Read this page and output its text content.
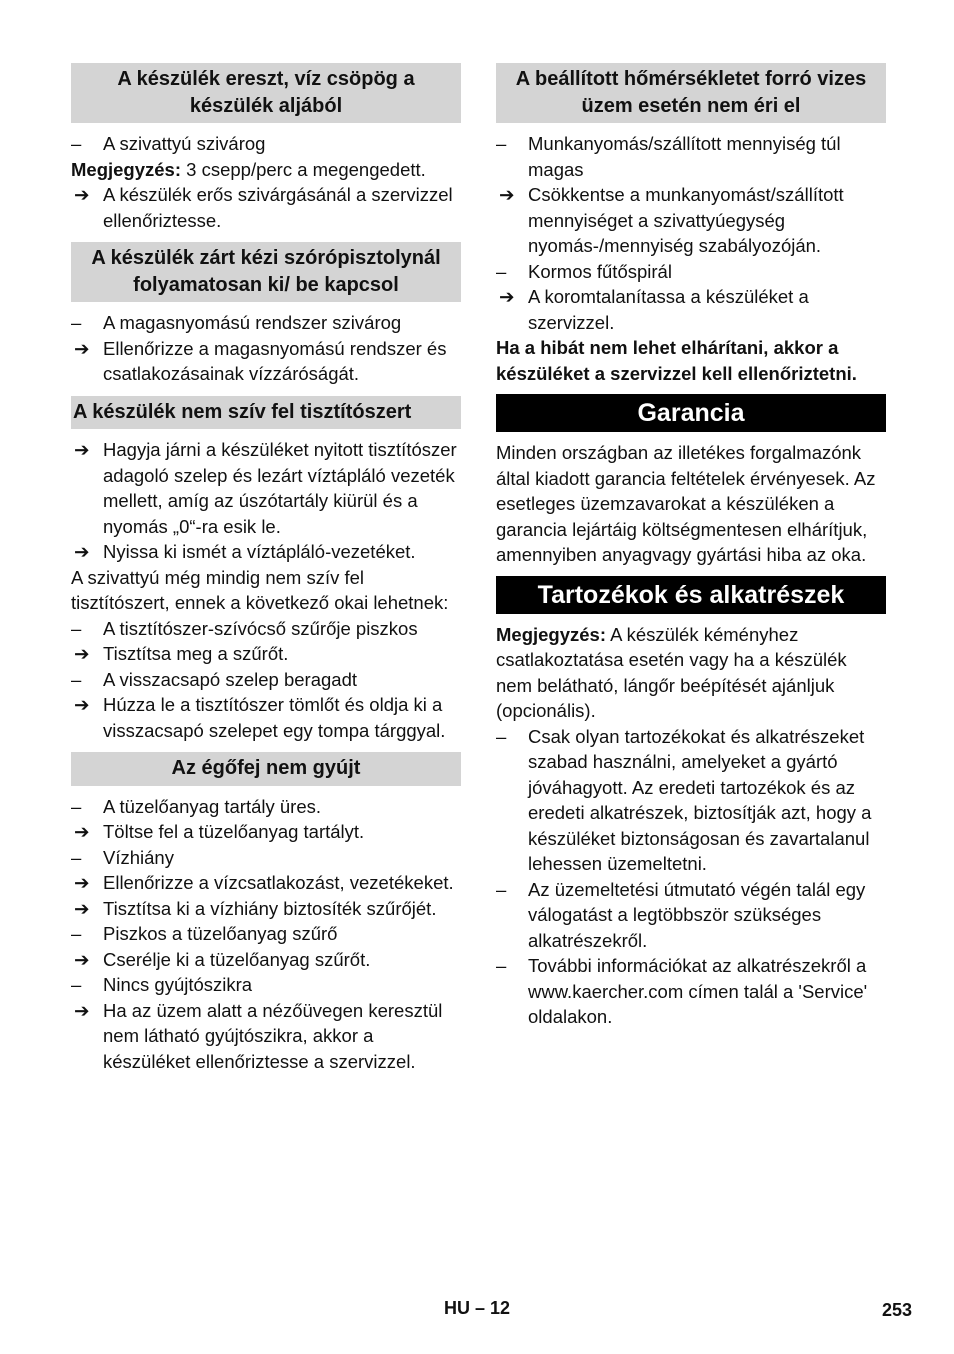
A készülék ereszt, víz csöpög a készülék aljából
–	A szivattyú szivárog
Megjegyzés: 3 csepp/perc a megengedett.
➔ A készülék erős szivárgásánál a szervizzel ellenőriztesse.
A készülék zárt kézi szórópisztolynál folyamatosan ki/ be kapcsol
–	A magasnyomású rendszer szivárog
➔ Ellenőrizze a magasnyomású rendszer és csatlakozásainak vízzáróságát.
A készülék nem szív fel tisztítószert
➔ Hagyja járni a készüléket nyitott tisztítószer adagoló szelep és lezárt víztápláló vezeték mellett, amíg az úszótartály kiürül és a nyomás „0“-ra esik le.
➔ Nyissa ki ismét a víztápláló-vezetéket.
A szivattyú még mindig nem szív fel tisztítószert, ennek a következő okai lehetnek:
–	A tisztítószer-szívócső szűrője piszkos
➔ Tisztítsa meg a szűrőt.
–	A visszacsapó szelep beragadt
➔ Húzza le a tisztítószer tömlőt és oldja ki a visszacsapó szelepet egy tompa tárggyal.
Az égőfej nem gyújt
–	A tüzelőanyag tartály üres.
➔ Töltse fel a tüzelőanyag tartályt.
–	Vízhiány
➔ Ellenőrizze a vízcsatlakozást, vezetékeket.
➔ Tisztítsa ki a vízhiány biztosíték szűrőjét.
–	Piszkos a tüzelőanyag szűrő
➔ Cserélje ki a tüzelőanyag szűrőt.
–	Nincs gyújtószikra
➔ Ha az üzem alatt a nézőüvegen keresztül nem látható gyújtószikra, akkor a készüléket ellenőriztesse a szervizzel.
A beállított hőmérsékletet forró vizes üzem esetén nem éri el
–	Munkanyomás/szállított mennyiség túl magas
➔ Csökkentse a munkanyomást/szállított mennyiséget a szivattyúegység nyomás-/mennyiség szabályozóján.
–	Kormos fűtőspirál
➔ A koromtalanítassa a készüléket a szervizzel.
Ha a hibát nem lehet elhárítani, akkor a készüléket a szervizzel kell ellenőriztetni.
Garancia
Minden országban az illetékes forgalmazónk által kiadott garancia feltételek érvényesek. Az esetleges üzemzavarokat a készüléken a garancia lejártáig költségmentesen elhárítjuk, amennyiben anyagvagy gyártási hiba az oka.
Tartozékok és alkatrészek
Megjegyzés: A készülék kéményhez csatlakoztatása esetén vagy ha a készülék nem belátható, lángőr beépítését ajánljuk (opcionális).
–	Csak olyan tartozékokat és alkatrészeket szabad használni, amelyeket a gyártó jóváhagyott. Az eredeti tartozékok és az eredeti alkatrészek, biztosítják azt, hogy a készüléket biztonságosan és zavartalanul lehessen üzemeltetni.
–	Az üzemeltetési útmutató végén talál egy válogatást a legtöbbször szükséges alkatrészekről.
–	További információkat az alkatrészekről a www.kaercher.com címen talál a 'Service' oldalakon.
HU – 12	253
